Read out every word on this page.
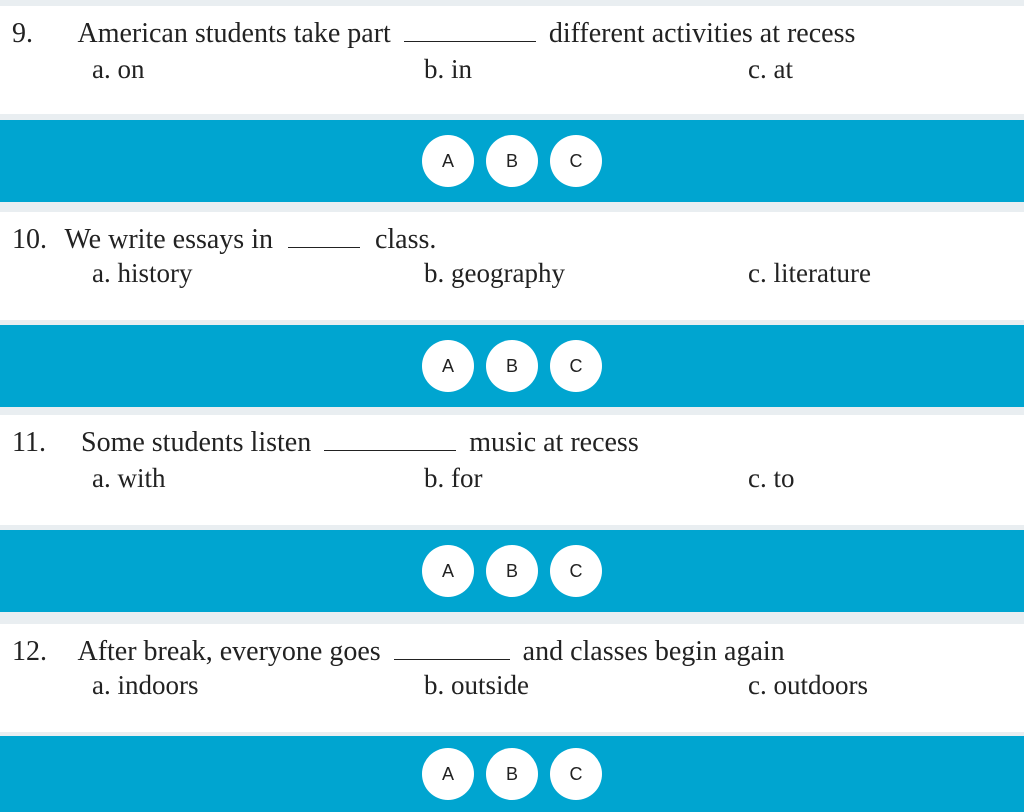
9. American students take part	different activities at recess
a. on	b. in	c. at
A	B	C
10. We write essays in	class.
a. history	b. geography	c. literature
A	B	C
11. Some students listen	music at recess
a. with	b. for	c. to
A	B	C
12. After break, everyone goes	and classes begin again
a. indoors	b. outside	c. outdoors
A	B	C
